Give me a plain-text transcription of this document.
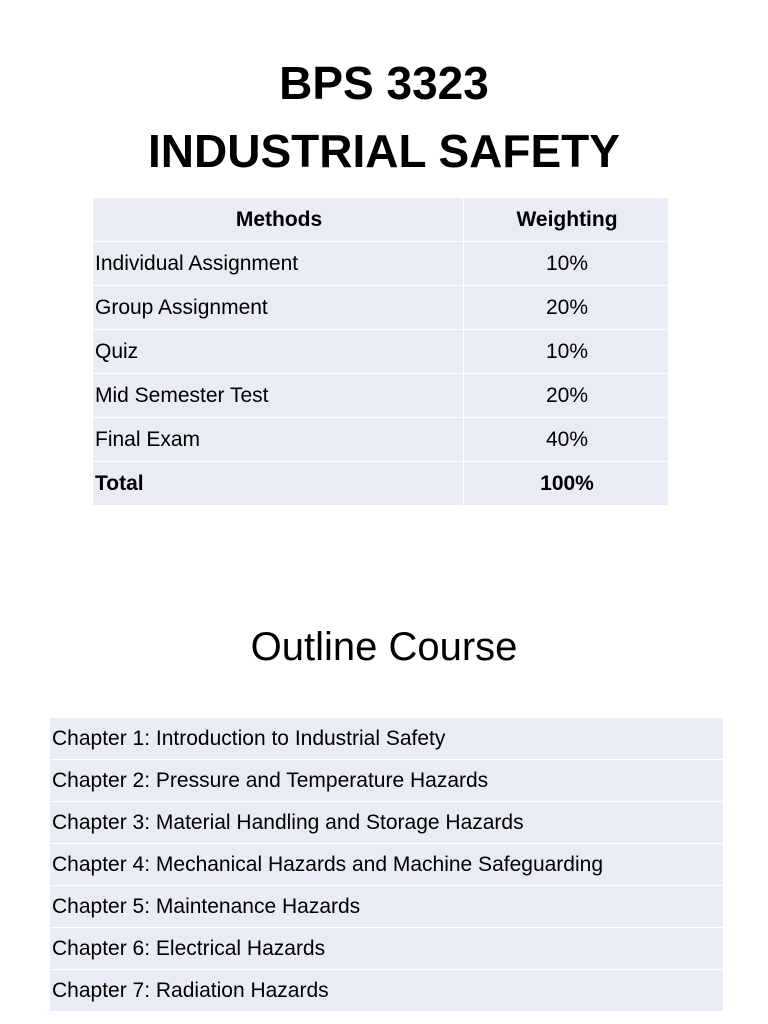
BPS 3323
INDUSTRIAL SAFETY
Methods	Weighting
Individual Assignment	10%
Group Assignment	20%
Quiz	10%
Mid Semester Test	20%
Final Exam	40%
Total	100%
Outline Course
Chapter 1: Introduction to Industrial Safety
Chapter 2: Pressure and Temperature Hazards
Chapter 3: Material Handling and Storage Hazards
Chapter 4: Mechanical Hazards and Machine Safeguarding
Chapter 5: Maintenance Hazards
Chapter 6: Electrical Hazards
Chapter 7: Radiation Hazards
